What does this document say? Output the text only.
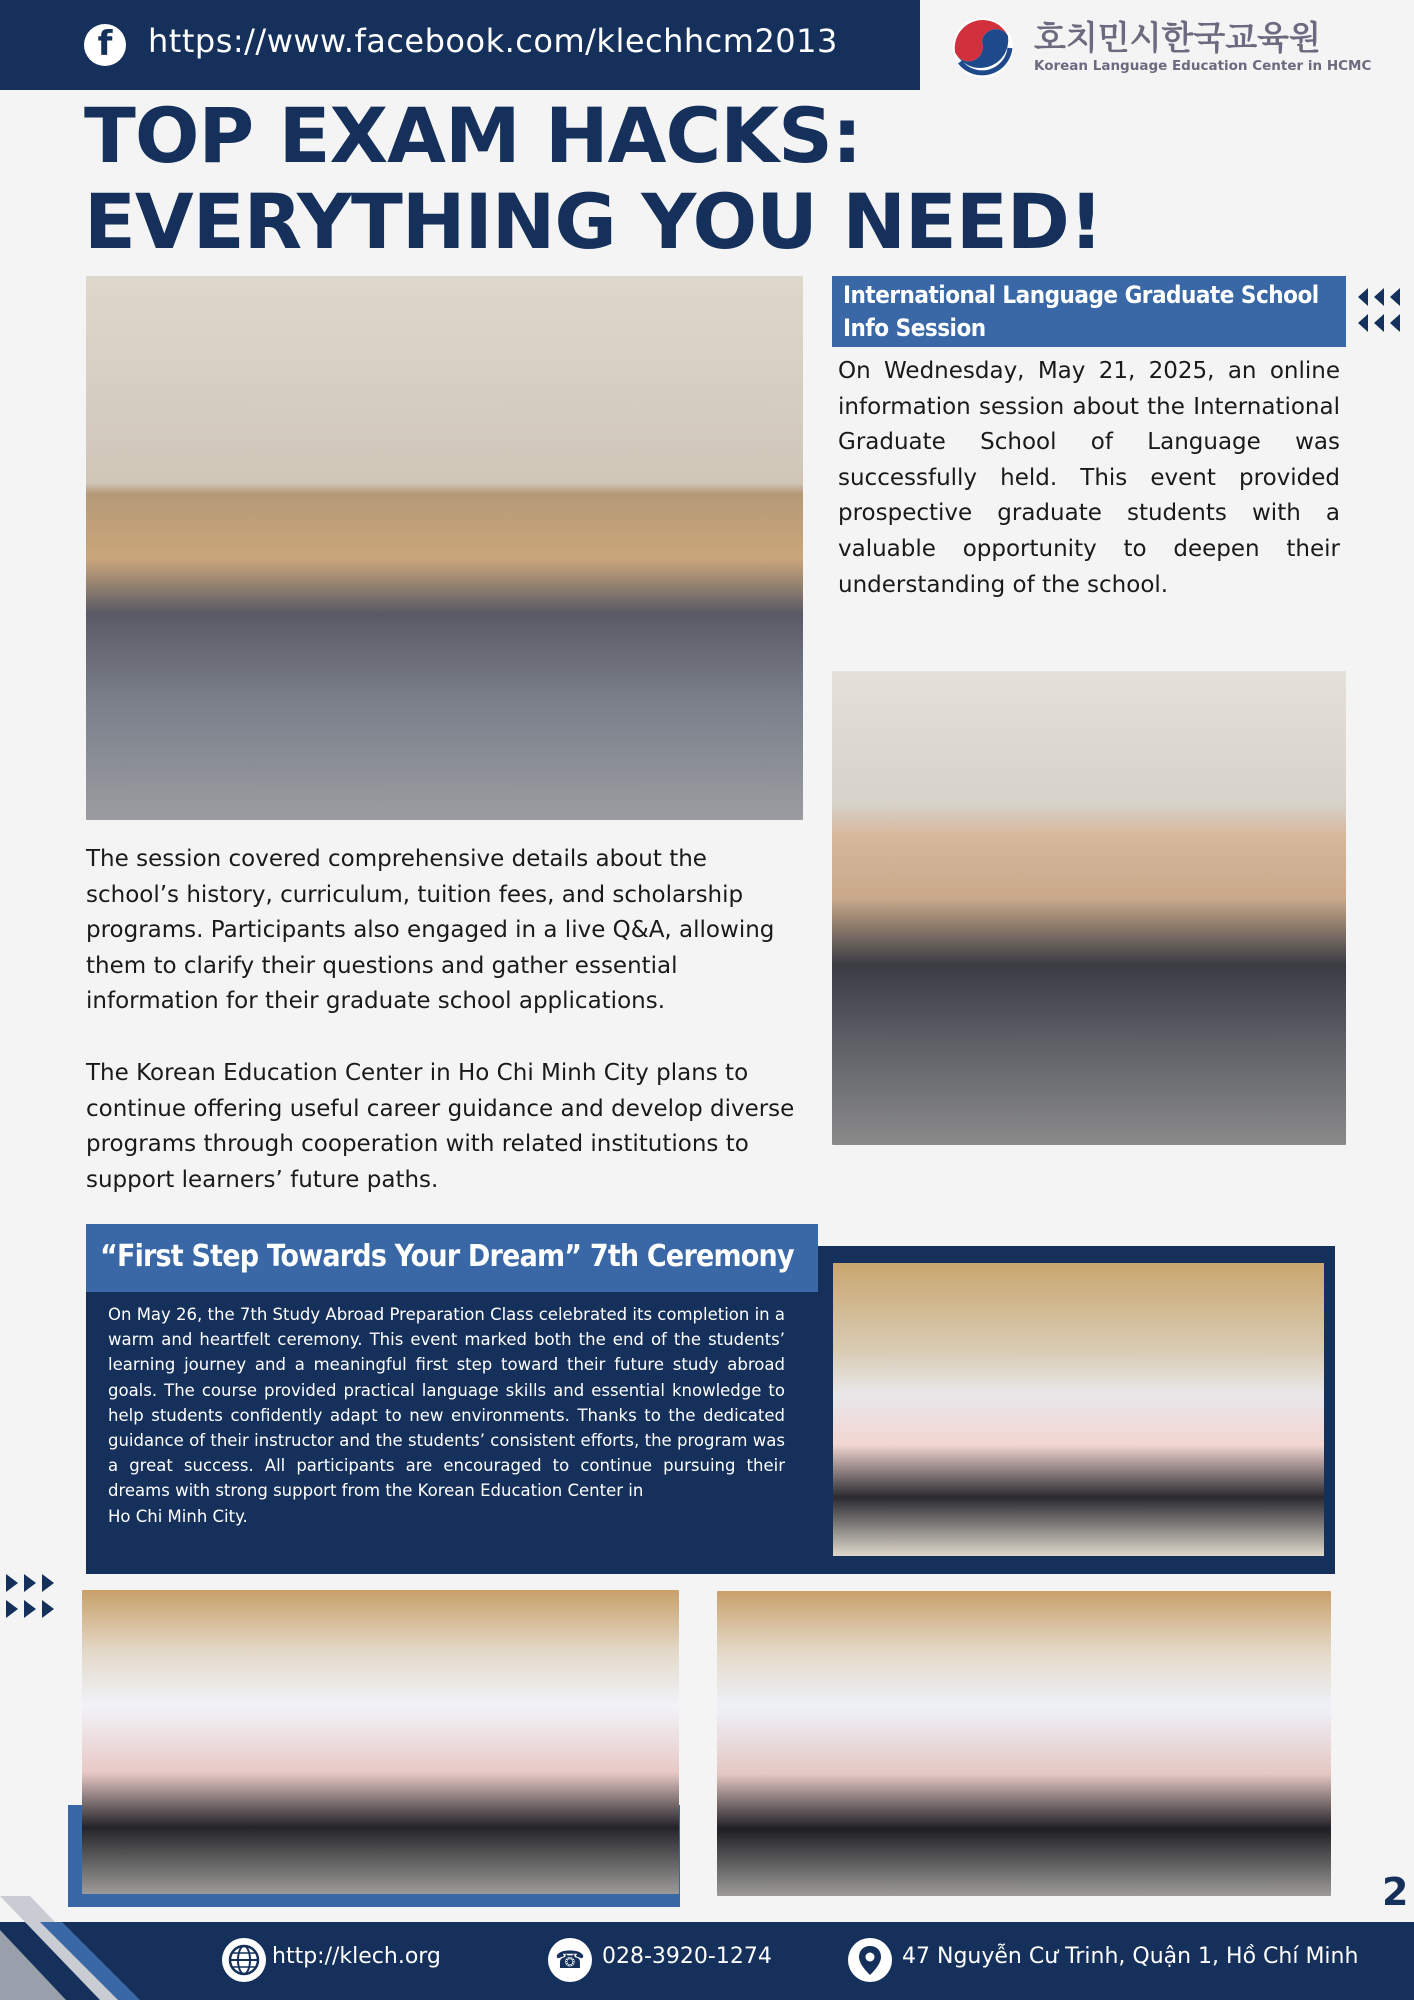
f	https://www.facebook.com/klechhcm2013	호치민시한국교육원
Korean Language Education Center in HCMC
TOP EXAM HACKS:
EVERYTHING YOU NEED!
International Language Graduate School Info Session
On Wednesday, May 21, 2025, an online information session about the International Graduate School of Language was successfully held. This event provided prospective graduate students with a valuable opportunity to deepen their understanding of the school.
The session covered comprehensive details about the school’s history, curriculum, tuition fees, and scholarship programs. Participants also engaged in a live Q&A, allowing them to clarify their questions and gather essential information for their graduate school applications.
The Korean Education Center in Ho Chi Minh City plans to continue offering useful career guidance and develop diverse programs through cooperation with related institutions to support learners’ future paths.
“First Step Towards Your Dream” 7th Ceremony
On May 26, the 7th Study Abroad Preparation Class celebrated its completion in a warm and heartfelt ceremony. This event marked both the end of the students’ learning journey and a meaningful first step toward their future study abroad goals. The course provided practical language skills and essential knowledge to help students confidently adapt to new environments. Thanks to the dedicated guidance of their instructor and the students’ consistent efforts, the program was a great success. All participants are encouraged to continue pursuing their dreams with strong support from the Korean Education Center in
Ho Chi Minh City.
2
http://klech.org	☎ 028-3920-1274	47 Nguyễn Cư Trinh, Quận 1, Hồ Chí Minh
